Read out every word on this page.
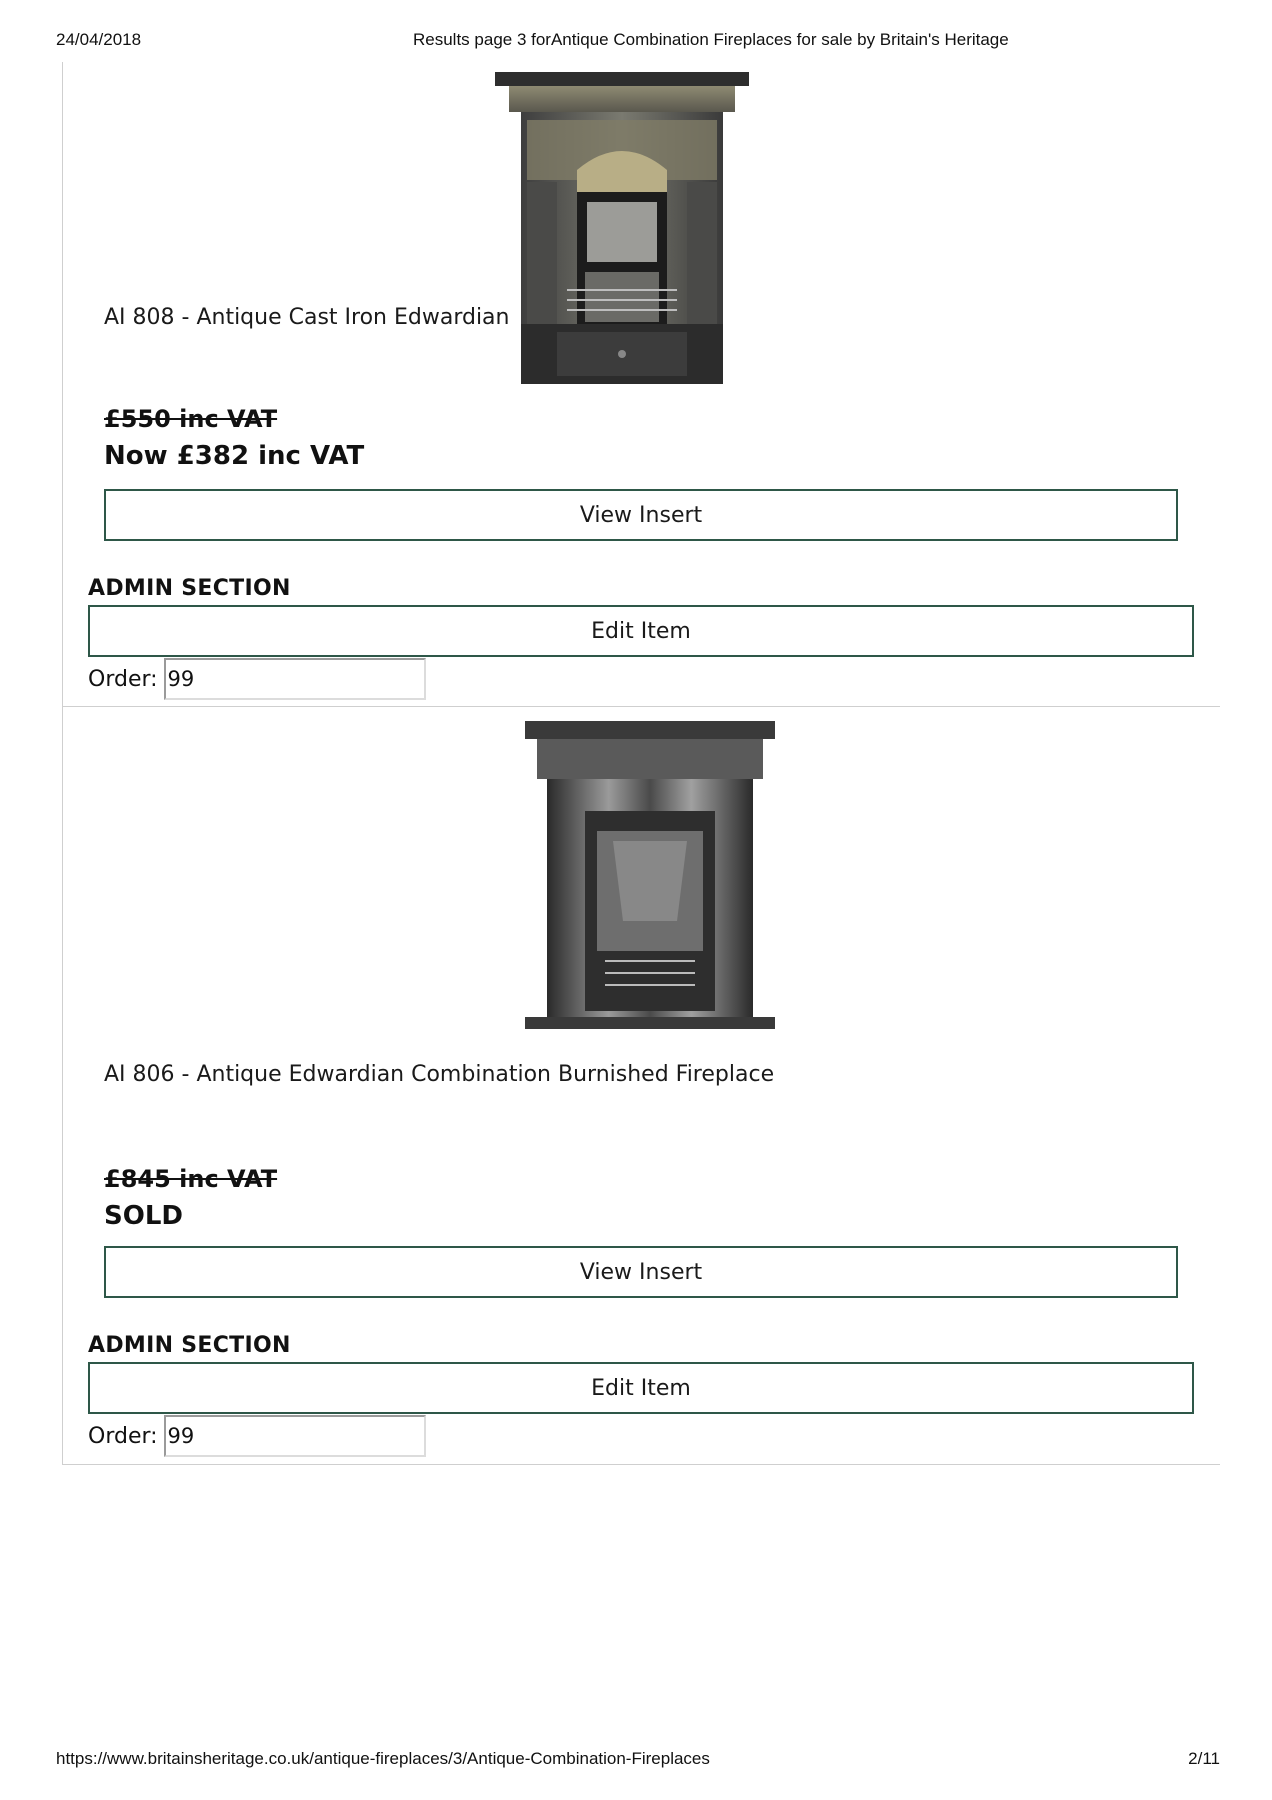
24/04/2018	Results page 3 forAntique Combination Fireplaces for sale by Britain's Heritage
AI 808 - Antique Cast Iron Edwardian
£550 inc VAT
Now £382 inc VAT
View Insert
ADMIN SECTION
Edit Item
Order:
99
AI 806 - Antique Edwardian Combination Burnished Fireplace
£845 inc VAT
SOLD
View Insert
ADMIN SECTION
Edit Item
Order:
99
https://www.britainsheritage.co.uk/antique-fireplaces/3/Antique-Combination-Fireplaces	2/11
